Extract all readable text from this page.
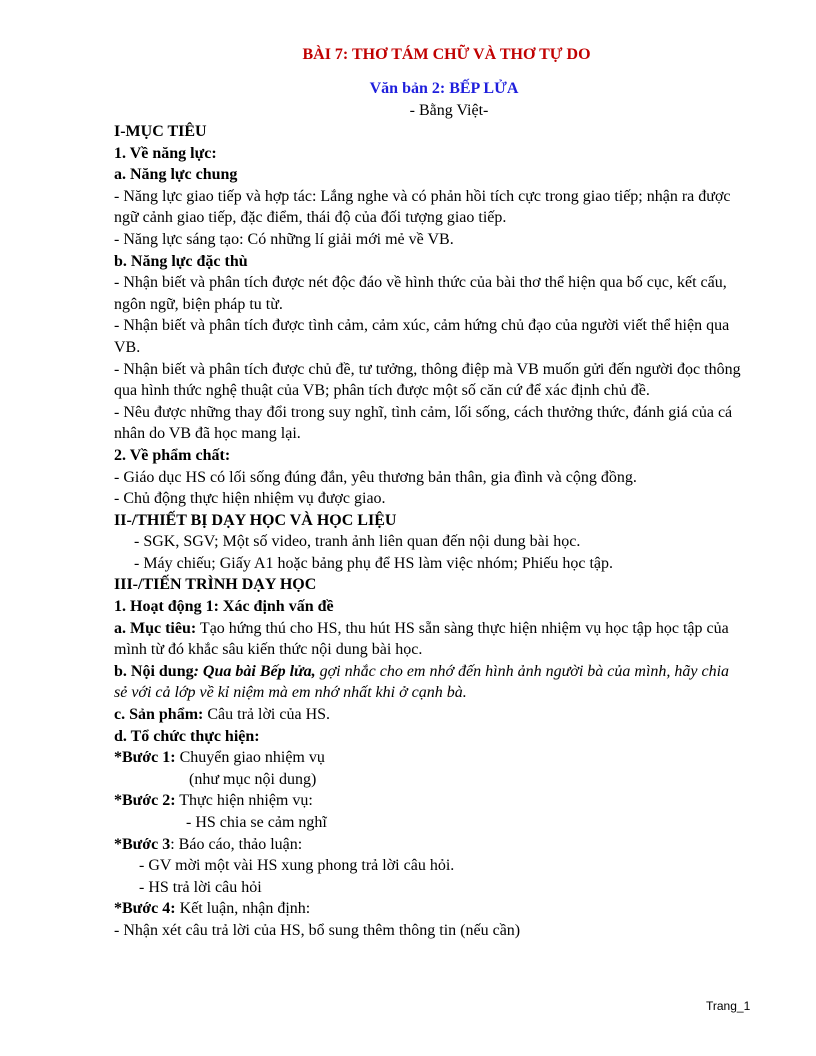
BÀI 7: THƠ TÁM CHỮ VÀ THƠ TỰ DO
Văn bản 2: BẾP LỬA
- Bằng Việt-
I-MỤC TIÊU
1. Về năng lực:
a. Năng lực chung
- Năng lực giao tiếp và hợp tác: Lắng nghe và có phản hồi tích cực trong giao tiếp; nhận ra được ngữ cảnh giao tiếp, đặc điểm, thái độ của đối tượng giao tiếp.
- Năng lực sáng tạo: Có những lí giải mới mẻ về VB.
b. Năng lực đặc thù
- Nhận biết và phân tích được nét độc đáo về hình thức của bài thơ thể hiện qua bố cục, kết cấu, ngôn ngữ, biện pháp tu từ.
- Nhận biết và phân tích được tình cảm, cảm xúc, cảm hứng chủ đạo của người viết thể hiện qua VB.
- Nhận biết và phân tích được chủ đề, tư tưởng, thông điệp mà VB muốn gửi đến người đọc thông qua hình thức nghệ thuật của VB; phân tích được một số căn cứ để xác định chủ đề.
- Nêu được những thay đổi trong suy nghĩ, tình cảm, lối sống, cách thưởng thức, đánh giá của cá nhân do VB đã học mang lại.
2. Về phẩm chất:
- Giáo dục HS có lối sống đúng đắn, yêu thương bản thân, gia đình và cộng đồng.
- Chủ động thực hiện nhiệm vụ được giao.
II-/THIẾT BỊ DẠY HỌC VÀ HỌC LIỆU
- SGK, SGV; Một số video, tranh ảnh liên quan đến nội dung bài học.
- Máy chiếu; Giấy A1 hoặc bảng phụ để HS làm việc nhóm; Phiếu học tập.
III-/TIẾN TRÌNH DẠY HỌC
1. Hoạt động 1: Xác định vấn đề
a. Mục tiêu: Tạo hứng thú cho HS, thu hút HS sẵn sàng thực hiện nhiệm vụ học tập học tập của mình từ đó khắc sâu kiến thức nội dung bài học.
b. Nội dung: Qua bài Bếp lửa, gợi nhắc cho em nhớ đến hình ảnh người bà của mình, hãy chia sẻ với cả lớp về kỉ niệm mà em nhớ nhất khi ở cạnh bà.
c. Sản phẩm: Câu trả lời của HS.
d. Tổ chức thực hiện:
*Bước 1: Chuyển giao nhiệm vụ
(như mục nội dung)
*Bước 2: Thực hiện nhiệm vụ:
- HS chia se cảm nghĩ
*Bước 3: Báo cáo, thảo luận:
- GV mời một vài HS xung phong trả lời câu hỏi.
- HS trả lời câu hỏi
*Bước 4: Kết luận, nhận định:
- Nhận xét câu trả lời của HS, bổ sung thêm thông tin (nếu cần)
Trang_1
